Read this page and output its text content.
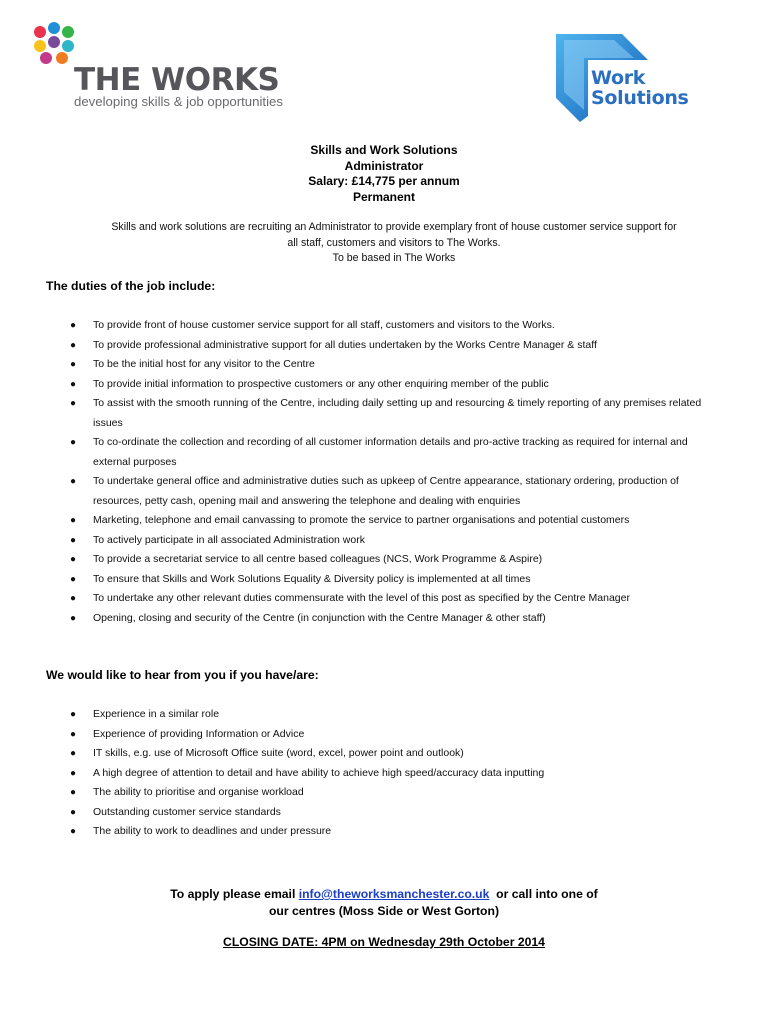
THE WORKS
developing skills & job opportunities
Work
Solutions
Skills and Work Solutions
Administrator
Salary: £14,775 per annum
Permanent
Skills and work solutions are recruiting an Administrator to provide exemplary front of house customer service support for
all staff, customers and visitors to The Works.
To be based in The Works
The duties of the job include:
● To provide front of house customer service support for all staff, customers and visitors to the Works.
● To provide professional administrative support for all duties undertaken by the Works Centre Manager & staff
● To be the initial host for any visitor to the Centre
● To provide initial information to prospective customers or any other enquiring member of the public
● To assist with the smooth running of the Centre, including daily setting up and resourcing & timely reporting of any premises related issues
● To co-ordinate the collection and recording of all customer information details and pro-active tracking as required for internal and external purposes
● To undertake general office and administrative duties such as upkeep of Centre appearance, stationary ordering, production of resources, petty cash, opening mail and answering the telephone and dealing with enquiries
● Marketing, telephone and email canvassing to promote the service to partner organisations and potential customers
● To actively participate in all associated Administration work
● To provide a secretariat service to all centre based colleagues (NCS, Work Programme & Aspire)
● To ensure that Skills and Work Solutions Equality & Diversity policy is implemented at all times
● To undertake any other relevant duties commensurate with the level of this post as specified by the Centre Manager
● Opening, closing and security of the Centre (in conjunction with the Centre Manager & other staff)
We would like to hear from you if you have/are:
● Experience in a similar role
● Experience of providing Information or Advice
● IT skills, e.g. use of Microsoft Office suite (word, excel, power point and outlook)
● A high degree of attention to detail and have ability to achieve high speed/accuracy data inputting
● The ability to prioritise and organise workload
● Outstanding customer service standards
● The ability to work to deadlines and under pressure
To apply please email info@theworksmanchester.co.uk  or call into one of
our centres (Moss Side or West Gorton)
CLOSING DATE: 4PM on Wednesday 29th October 2014
